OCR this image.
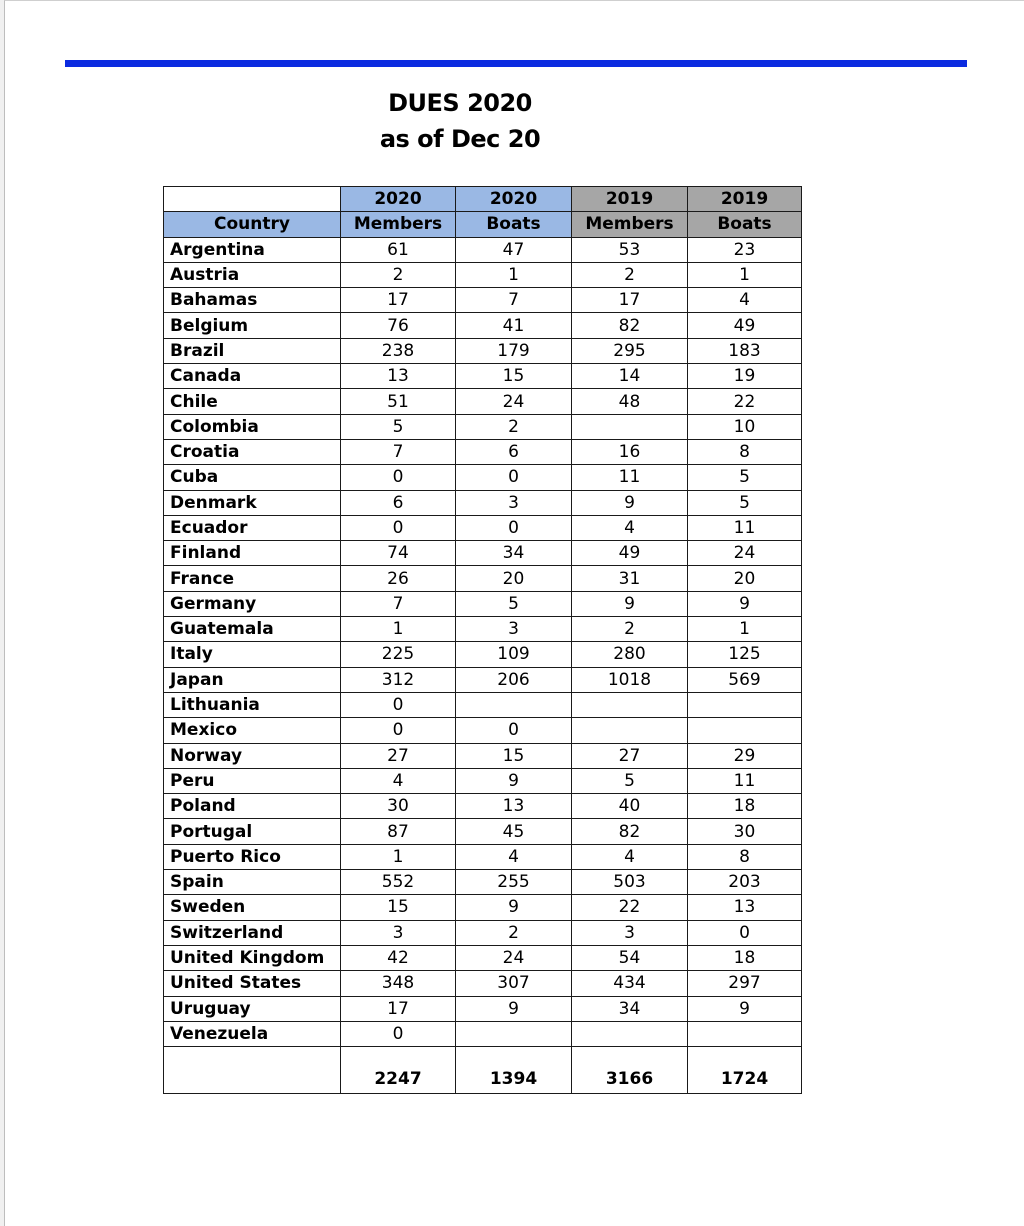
DUES 2020
as of Dec 20
	2020	2020	2019	2019
Country	Members	Boats	Members	Boats
Argentina	61	47	53	23
Austria	2	1	2	1
Bahamas	17	7	17	4
Belgium	76	41	82	49
Brazil	238	179	295	183
Canada	13	15	14	19
Chile	51	24	48	22
Colombia	5	2		10
Croatia	7	6	16	8
Cuba	0	0	11	5
Denmark	6	3	9	5
Ecuador	0	0	4	11
Finland	74	34	49	24
France	26	20	31	20
Germany	7	5	9	9
Guatemala	1	3	2	1
Italy	225	109	280	125
Japan	312	206	1018	569
Lithuania	0			
Mexico	0	0		
Norway	27	15	27	29
Peru	4	9	5	11
Poland	30	13	40	18
Portugal	87	45	82	30
Puerto Rico	1	4	4	8
Spain	552	255	503	203
Sweden	15	9	22	13
Switzerland	3	2	3	0
United Kingdom	42	24	54	18
United States	348	307	434	297
Uruguay	17	9	34	9
Venezuela	0			
	2247	1394	3166	1724
